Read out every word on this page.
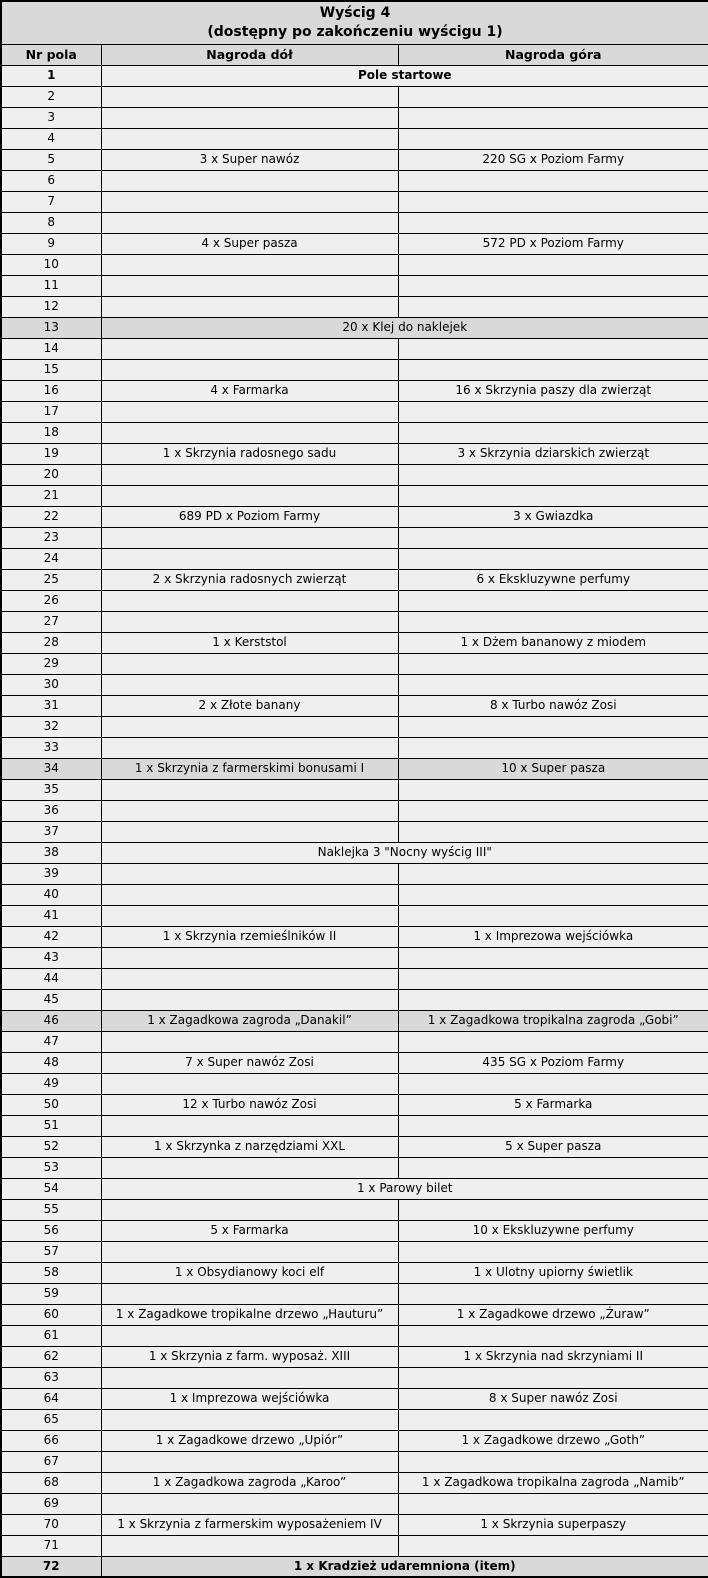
Wyścig 4
(dostępny po zakończeniu wyścigu 1)		

Nr pola	Nagroda dół	Nagroda góra
1	Pole startowe	
2		
3		
4		
5	3 x Super nawóz	220 SG x Poziom Farmy
6		
7		
8		
9	4 x Super pasza	572 PD x Poziom Farmy
10		
11		
12		
13	20 x Klej do naklejek	
14		
15		
16	4 x Farmarka	16 x Skrzynia paszy dla zwierząt
17		
18		
19	1 x Skrzynia radosnego sadu	3 x Skrzynia dziarskich zwierząt
20		
21		
22	689 PD x Poziom Farmy	3 x Gwiazdka
23		
24		
25	2 x Skrzynia radosnych zwierząt	6 x Ekskluzywne perfumy
26		
27		
28	1 x Kerststol	1 x Dżem bananowy z miodem
29		
30		
31	2 x Złote banany	8 x Turbo nawóz Zosi
32		
33		
34	1 x Skrzynia z farmerskimi bonusami I	10 x Super pasza
35		
36		
37		
38	Naklejka 3 "Nocny wyścig III"	
39		
40		
41		
42	1 x Skrzynia rzemieślników II	1 x Imprezowa wejściówka
43		
44		
45		
46	1 x Zagadkowa zagroda „Danakil”	1 x Zagadkowa tropikalna zagroda „Gobi”
47		
48	7 x Super nawóz Zosi	435 SG x Poziom Farmy
49		
50	12 x Turbo nawóz Zosi	5 x Farmarka
51		
52	1 x Skrzynka z narzędziami XXL	5 x Super pasza
53		
54	1 x Parowy bilet	
55		
56	5 x Farmarka	10 x Ekskluzywne perfumy
57		
58	1 x Obsydianowy koci elf	1 x Ulotny upiorny świetlik
59		
60	1 x Zagadkowe tropikalne drzewo „Hauturu”	1 x Zagadkowe drzewo „Żuraw”
61		
62	1 x Skrzynia z farm. wyposaż. XIII	1 x Skrzynia nad skrzyniami II
63		
64	1 x Imprezowa wejściówka	8 x Super nawóz Zosi
65		
66	1 x Zagadkowe drzewo „Upiór”	1 x Zagadkowe drzewo „Goth”
67		
68	1 x Zagadkowa zagroda „Karoo”	1 x Zagadkowa tropikalna zagroda „Namib”
69		
70	1 x Skrzynia z farmerskim wyposażeniem IV	1 x Skrzynia superpaszy
71		
72	1 x Kradzież udaremniona (item)	
